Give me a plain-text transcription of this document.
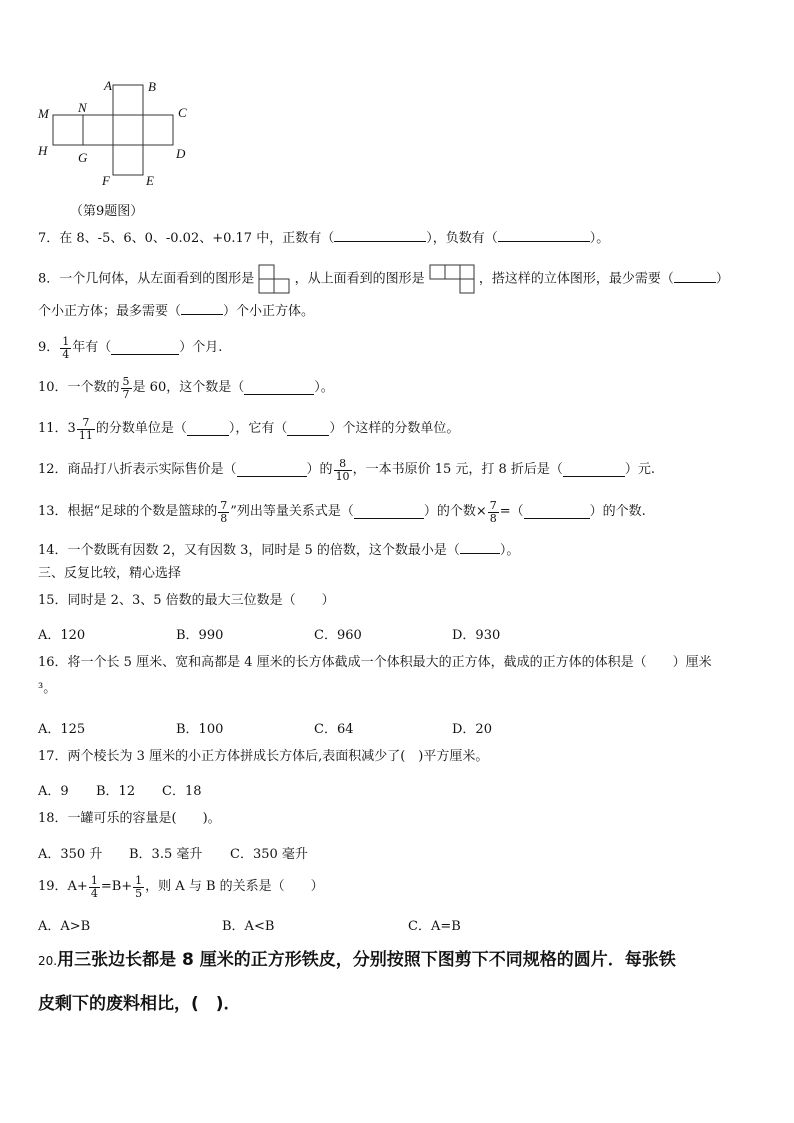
A	B
M N	C
H G	D
F	E
（第9题图）
7．在 8、-5、6、0、-0.02、+0.17 中，正数有（	），负数有（	）。
8．一个几何体，从左面看到的图形是	，从上面看到的图形是	，搭这样的立体图形，最少需要（	）
个小正方体；最多需要（	）个小正方体。
9． $\frac{1}{4}$ 年有（	）个月.
10．一个数的 $\frac{5}{7}$ 是 60，这个数是（	）。
11． $3 \frac{7}{11}$ 的分数单位是（	），它有（	）个这样的分数单位。
12．商品打八折表示实际售价是（	）的 $\frac{8}{10}$ ，一本书原价 15 元，打 8 折后是（	）元.
13．根据“足球的个数是篮球的 $\frac{7}{8}$ ”列出等量关系式是（	）的个数× $\frac{7}{8}$ =（	）的个数.
14．一个数既有因数 2，又有因数 3，同时是 5 的倍数，这个数最小是（	）。
三、反复比较，精心选择
15．同时是 2、3、5 倍数的最大三位数是（　　）
A．120	B．990	C．960	D．930
16．将一个长 5 厘米、宽和高都是 4 厘米的长方体截成一个体积最大的正方体，截成的正方体的体积是（　　）厘米
³。
A．125	B．100	C．64	D．20
17．两个棱长为 3 厘米的小正方体拼成长方体后,表面积减少了(　)平方厘米。
A．9 B．12 C．18
18．一罐可乐的容量是(　　)。
A．350 升 B．3.5 毫升 C．350 毫升
19．$A+ \frac{1}{4} =B+ \frac{1}{5}$ ，则 A 与 B 的关系是（　　）
A．A>B	B．A<B	C．A=B
20.用三张边长都是 8 厘米的正方形铁皮，分别按照下图剪下不同规格的圆片．每张铁
皮剩下的废料相比，(　)．
